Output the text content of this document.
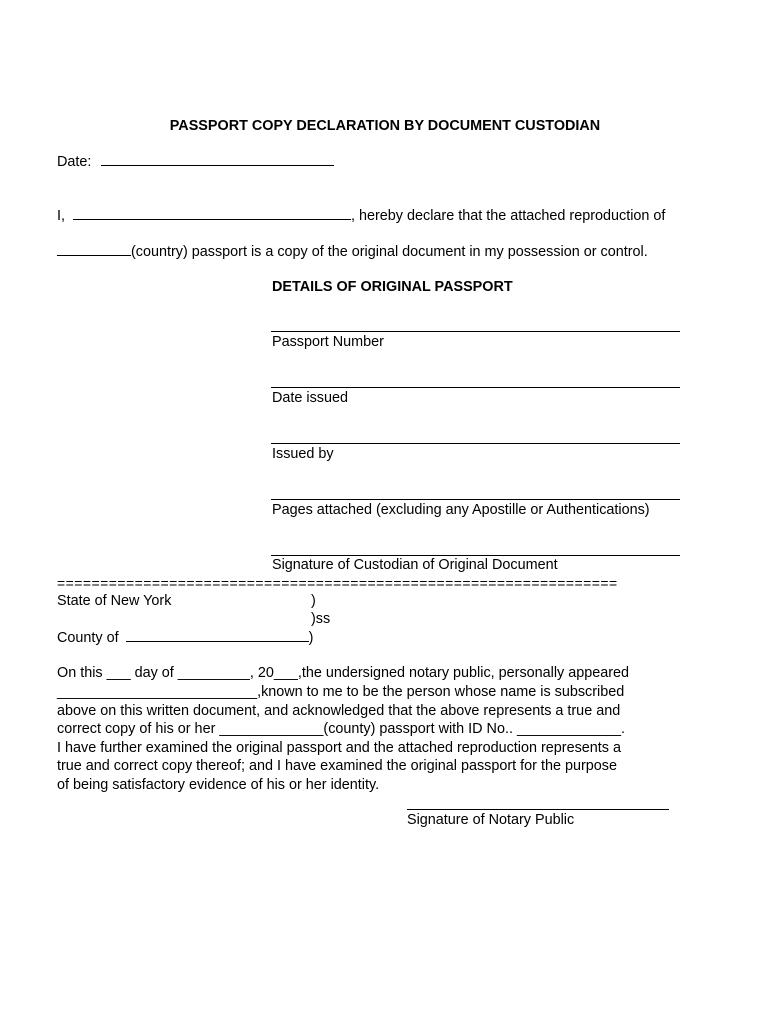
PASSPORT COPY DECLARATION BY DOCUMENT CUSTODIAN
Date:
I,	, hereby declare that the attached reproduction of
(country) passport is a copy of the original document in my possession or control.
DETAILS OF ORIGINAL PASSPORT
Passport Number
Date issued
Issued by
Pages attached (excluding any Apostille or Authentications)
Signature of Custodian of Original Document
=================================================================
State of New York	)
)ss
County of	)
On this ___ day of _________, 20___,the undersigned notary public, personally appeared
_________________________,known to me to be the person whose name is subscribed
above on this written document, and acknowledged that the above represents a true and
correct copy of his or her _____________(county) passport with ID No.. _____________.
I have further examined the original passport and the attached reproduction represents a
true and correct copy thereof; and I have examined the original passport for the purpose
of being satisfactory evidence of his or her identity.
Signature of Notary Public
